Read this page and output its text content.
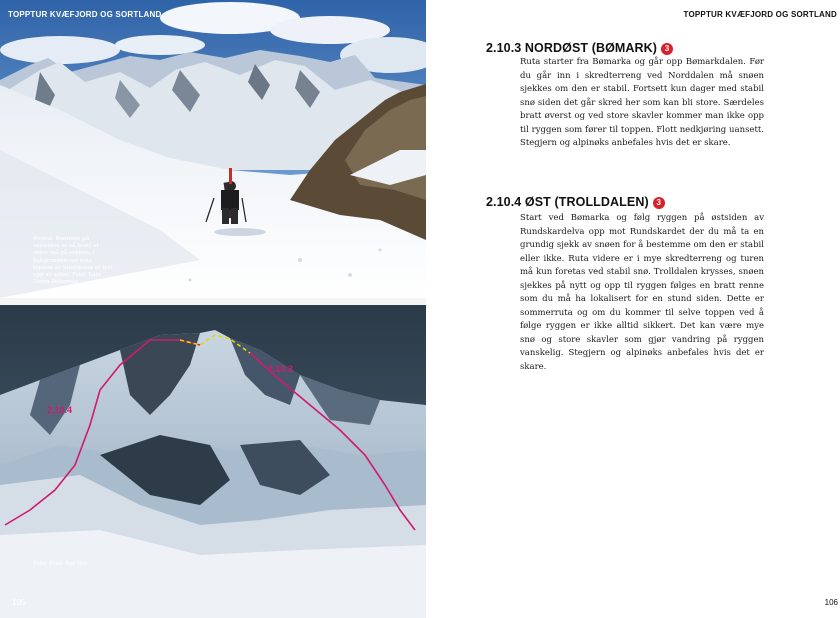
TOPPTUR KVÆFJORD OG SORTLAND
Øverst: Rennene på vestsiden er så bratt at siden må på sekken. I bakgrunnen ser man toppen av Stortinden er lyst opp av solen. Foto: Lars Owen Pettersen
2.10.4
2.10.3
Foto: Fred Åge Hol.
105
TOPPTUR KVÆFJORD OG SORTLAND
2.10.3 NORDØST (BØMARK) 3
Ruta starter fra Bømarka og går opp Bømarkdalen. Før du går inn i skredterreng ved Norddalen må snøen sjekkes om den er stabil. Fortsett kun dager med stabil snø siden det går skred her som kan bli store. Særdeles bratt øverst og ved store skavler kommer man ikke opp til ryggen som fører til toppen. Flott nedkjøring uansett. Stegjern og alpinøks anbefales hvis det er skare.
2.10.4 ØST (TROLLDALEN) 3
Start ved Bømarka og følg ryggen på østsiden av Rundskardelva opp mot Rundskardet der du må ta en grundig sjekk av snøen for å bestemme om den er stabil eller ikke. Ruta videre er i mye skredterreng og turen må kun foretas ved stabil snø. Trolldalen krysses, snøen sjekkes på nytt og opp til ryggen følges en bratt renne som du må ha lokalisert for en stund siden. Dette er sommerruta og om du kommer til selve toppen ved å følge ryggen er ikke alltid sikkert. Det kan være mye snø og store skavler som gjør vandring på ryggen vanskelig. Stegjern og alpinøks anbefales hvis det er skare.
106
